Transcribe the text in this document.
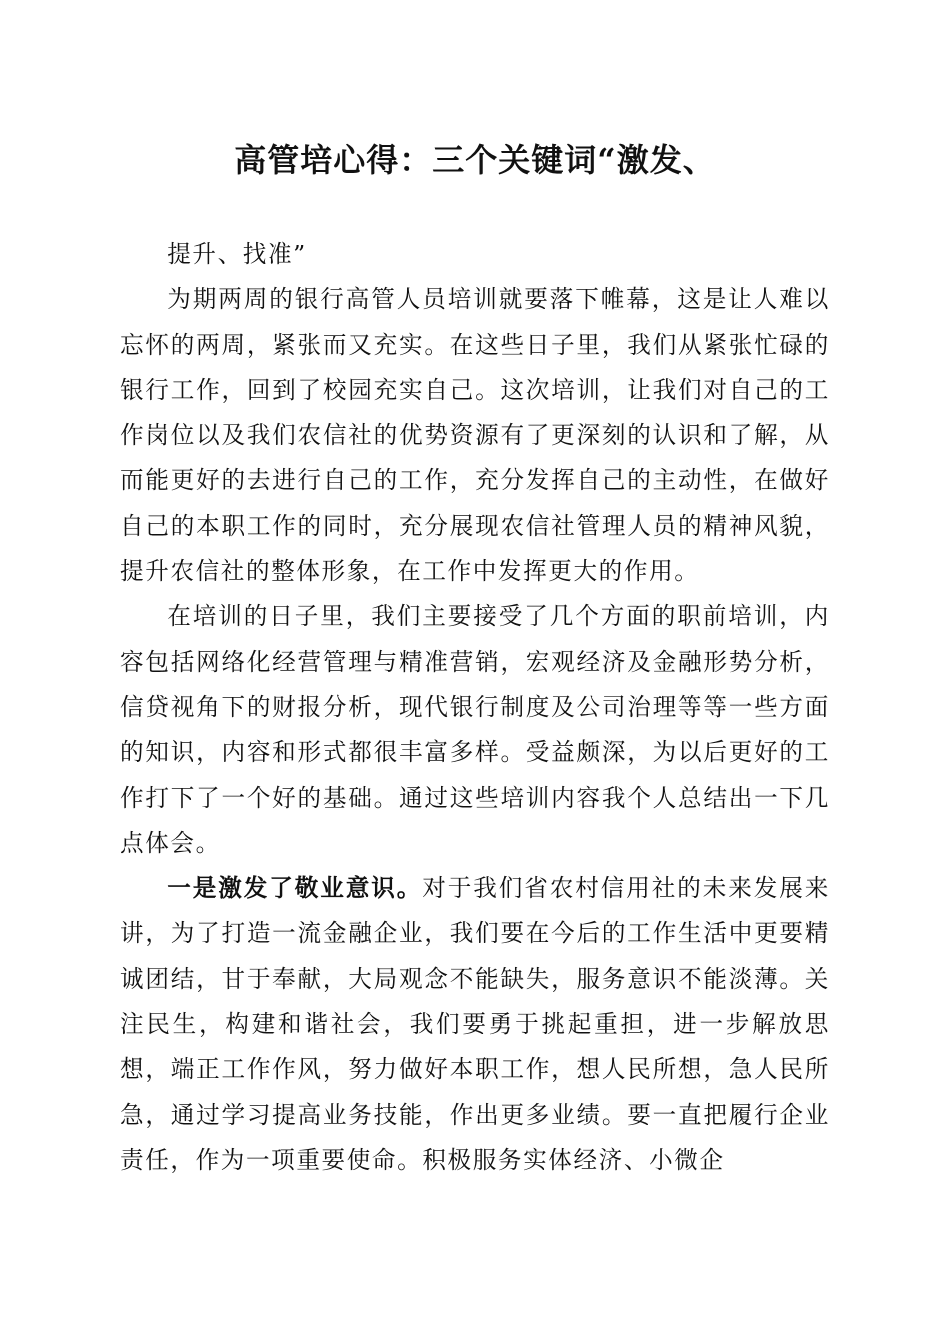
高管培心得：三个关键词“激发、

提升、找准”

为期两周的银行高管人员培训就要落下帷幕，这是让人难以忘怀的两周，紧张而又充实。在这些日子里，我们从紧张忙碌的银行工作，回到了校园充实自己。这次培训，让我们对自己的工作岗位以及我们农信社的优势资源有了更深刻的认识和了解，从而能更好的去进行自己的工作，充分发挥自己的主动性，在做好自己的本职工作的同时，充分展现农信社管理人员的精神风貌，提升农信社的整体形象，在工作中发挥更大的作用。

在培训的日子里，我们主要接受了几个方面的职前培训，内容包括网络化经营管理与精准营销，宏观经济及金融形势分析，信贷视角下的财报分析，现代银行制度及公司治理等等一些方面的知识，内容和形式都很丰富多样。受益颇深，为以后更好的工作打下了一个好的基础。通过这些培训内容我个人总结出一下几点体会。

一是激发了敬业意识。对于我们省农村信用社的未来发展来讲，为了打造一流金融企业，我们要在今后的工作生活中更要精诚团结，甘于奉献，大局观念不能缺失，服务意识不能淡薄。关注民生，构建和谐社会，我们要勇于挑起重担，进一步解放思想，端正工作作风，努力做好本职工作，想人民所想，急人民所急，通过学习提高业务技能，作出更多业绩。要一直把履行企业责任，作为一项重要使命。积极服务实体经济、小微企
